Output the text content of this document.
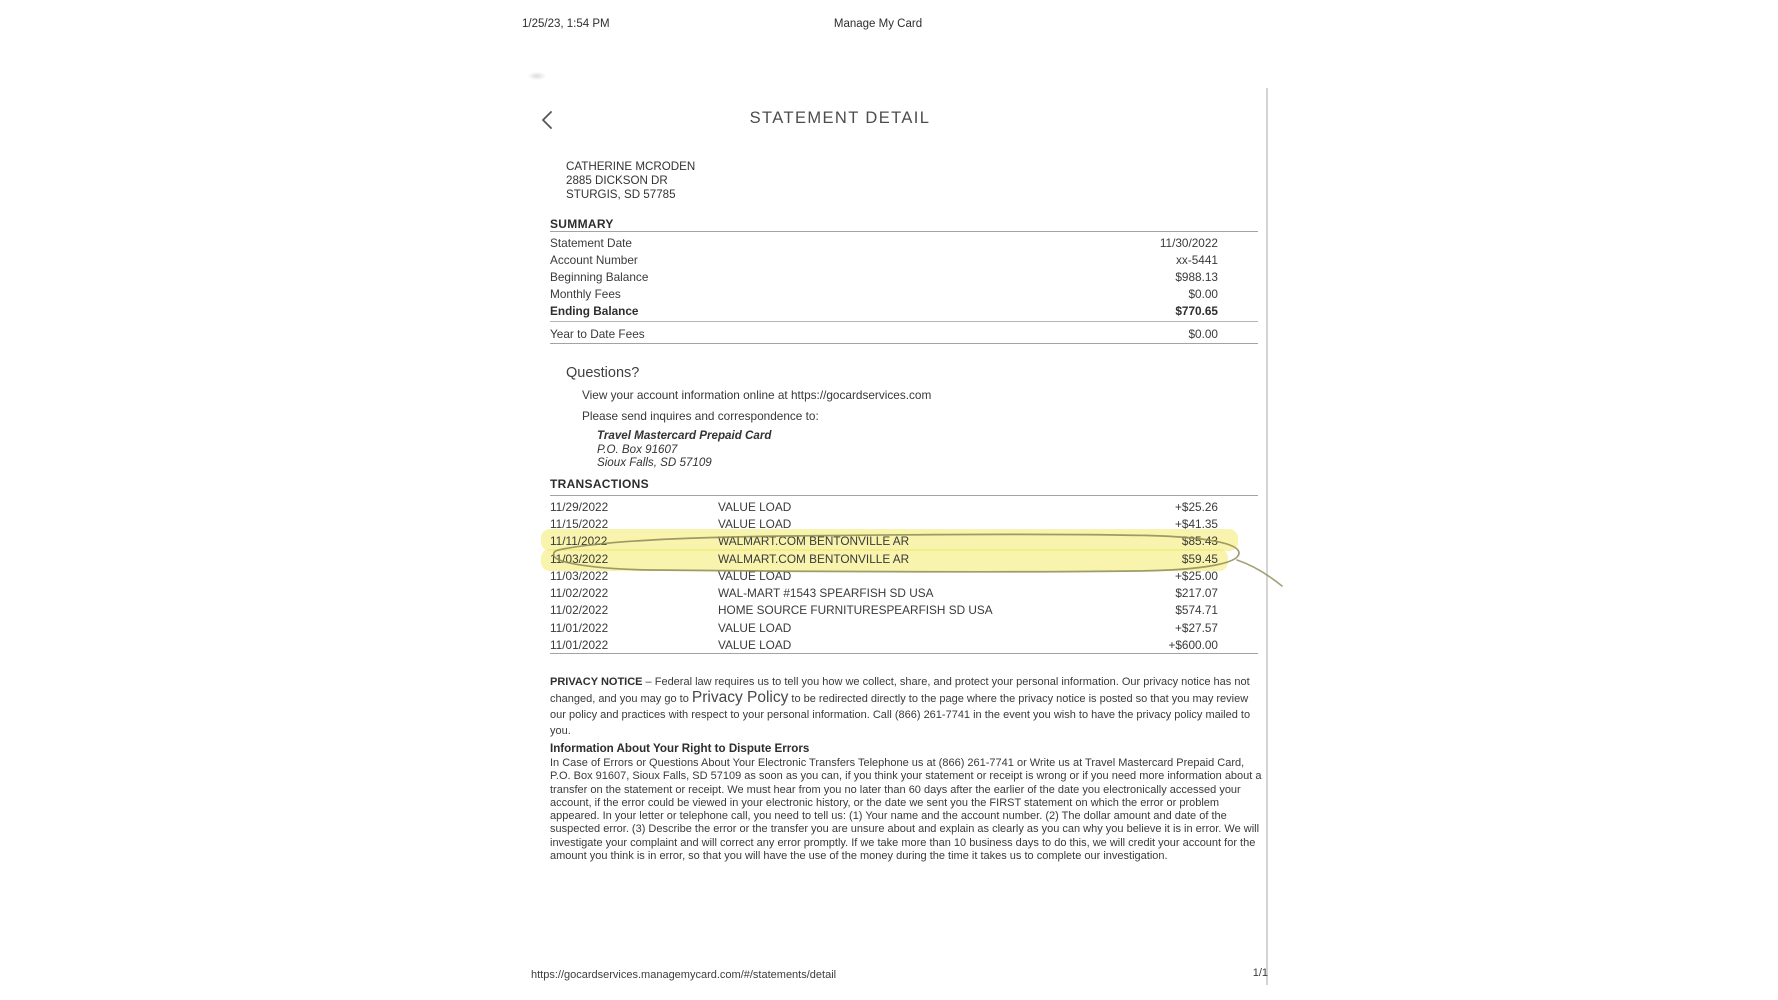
1/25/23, 1:54 PM	Manage My Card
STATEMENT DETAIL
CATHERINE MCRODEN
2885 DICKSON DR
STURGIS, SD 57785
SUMMARY
Statement Date	11/30/2022
Account Number	xx-5441
Beginning Balance	$988.13
Monthly Fees	$0.00
Ending Balance	$770.65
Year to Date Fees	$0.00
Questions?
View your account information online at https://gocardservices.com
Please send inquires and correspondence to:
Travel Mastercard Prepaid Card
P.O. Box 91607
Sioux Falls, SD 57109
TRANSACTIONS
11/29/2022	VALUE LOAD	+$25.26
11/15/2022	VALUE LOAD	+$41.35
11/11/2022	WALMART.COM BENTONVILLE AR	$85.43
11/03/2022	WALMART.COM BENTONVILLE AR	$59.45
11/03/2022	VALUE LOAD	+$25.00
11/02/2022	WAL-MART #1543 SPEARFISH SD USA	$217.07
11/02/2022	HOME SOURCE FURNITURESPEARFISH SD USA	$574.71
11/01/2022	VALUE LOAD	+$27.57
11/01/2022	VALUE LOAD	+$600.00

PRIVACY NOTICE – Federal law requires us to tell you how we collect, share, and protect your personal information. Our privacy notice has not changed, and you may go to Privacy Policy to be redirected directly to the page where the privacy notice is posted so that you may review our policy and practices with respect to your personal information. Call (866) 261-7741 in the event you wish to have the privacy policy mailed to you.

Information About Your Right to Dispute Errors
In Case of Errors or Questions About Your Electronic Transfers Telephone us at (866) 261-7741 or Write us at Travel Mastercard Prepaid Card, P.O. Box 91607, Sioux Falls, SD 57109 as soon as you can, if you think your statement or receipt is wrong or if you need more information about a transfer on the statement or receipt. We must hear from you no later than 60 days after the earlier of the date you electronically accessed your account, if the error could be viewed in your electronic history, or the date we sent you the FIRST statement on which the error or problem appeared. In your letter or telephone call, you need to tell us: (1) Your name and the account number. (2) The dollar amount and date of the suspected error. (3) Describe the error or the transfer you are unsure about and explain as clearly as you can why you believe it is in error. We will investigate your complaint and will correct any error promptly. If we take more than 10 business days to do this, we will credit your account for the amount you think is in error, so that you will have the use of the money during the time it takes us to complete our investigation.
https://gocardservices.managemycard.com/#/statements/detail	1/1
